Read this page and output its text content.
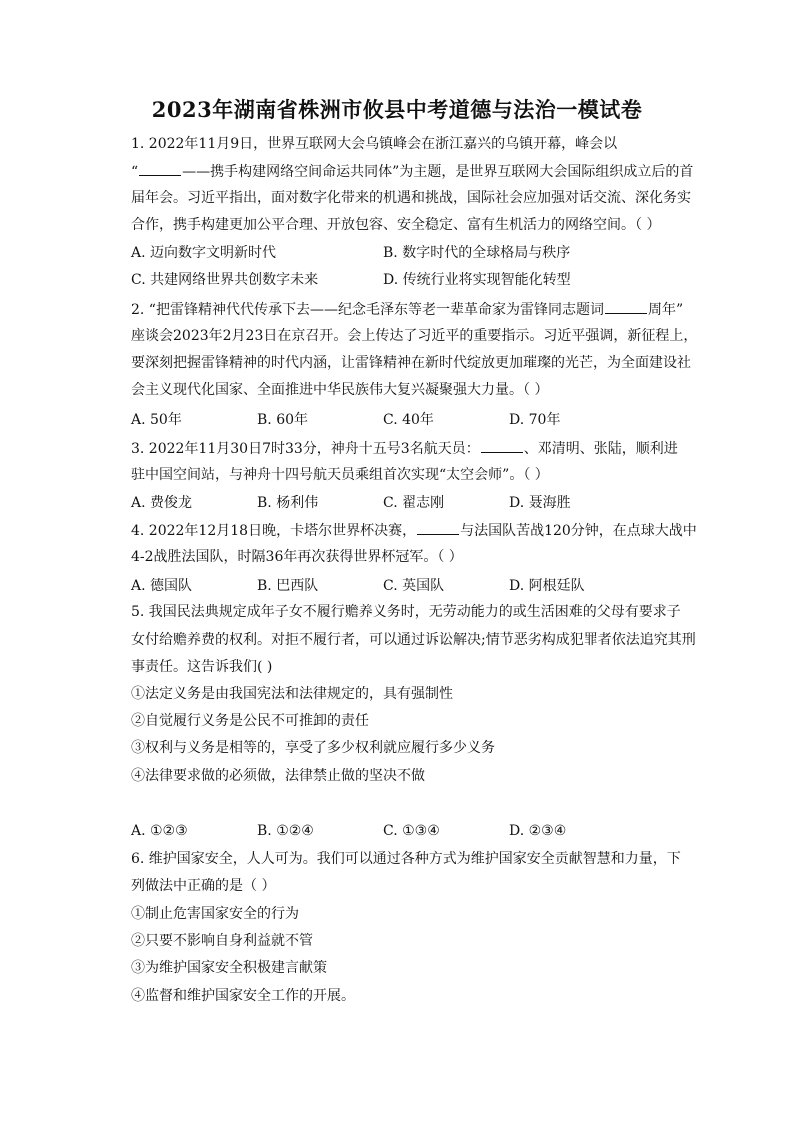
2023年湖南省株洲市攸县中考道德与法治一模试卷
1. 2022年11月9日，世界互联网大会乌镇峰会在浙江嘉兴的乌镇开幕，峰会以
“	——携手构建网络空间命运共同体”为主题，是世界互联网大会国际组织成立后的首
届年会。习近平指出，面对数字化带来的机遇和挑战，国际社会应加强对话交流、深化务实
合作，携手构建更加公平合理、开放包容、安全稳定、富有生机活力的网络空间。（ ）
A. 迈向数字文明新时代	B. 数字时代的全球格局与秩序
C. 共建网络世界共创数字未来	D. 传统行业将实现智能化转型
2. “把雷锋精神代代传承下去——纪念毛泽东等老一辈革命家为雷锋同志题词	周年”
座谈会2023年2月23日在京召开。会上传达了习近平的重要指示。习近平强调，新征程上，
要深刻把握雷锋精神的时代内涵，让雷锋精神在新时代绽放更加璀璨的光芒，为全面建设社
会主义现代化国家、全面推进中华民族伟大复兴凝聚强大力量。（ ）
A. 50年	B. 60年	C. 40年	D. 70年
3. 2022年11月30日7时33分，神舟十五号3名航天员：	、邓清明、张陆，顺利进
驻中国空间站，与神舟十四号航天员乘组首次实现“太空会师”。（ ）
A. 费俊龙	B. 杨利伟	C. 翟志刚	D. 聂海胜
4. 2022年12月18日晚，卡塔尔世界杯决赛，	与法国队苦战120分钟，在点球大战中
4-2战胜法国队，时隔36年再次获得世界杯冠军。（ ）
A. 德国队	B. 巴西队	C. 英国队	D. 阿根廷队
5. 我国民法典规定成年子女不履行赡养义务时，无劳动能力的或生活困难的父母有要求子
女付给赡养费的权利。对拒不履行者，可以通过诉讼解决;情节恶劣构成犯罪者依法追究其刑
事责任。这告诉我们( )
①法定义务是由我国宪法和法律规定的，具有强制性
②自觉履行义务是公民不可推卸的责任
③权利与义务是相等的，享受了多少权利就应履行多少义务
④法律要求做的必须做，法律禁止做的坚决不做
A. ①②③	B. ①②④	C. ①③④	D. ②③④
6. 维护国家安全，人人可为。我们可以通过各种方式为维护国家安全贡献智慧和力量，下
列做法中正确的是（ ）
①制止危害国家安全的行为
②只要不影响自身利益就不管
③为维护国家安全积极建言献策
④监督和维护国家安全工作的开展。
